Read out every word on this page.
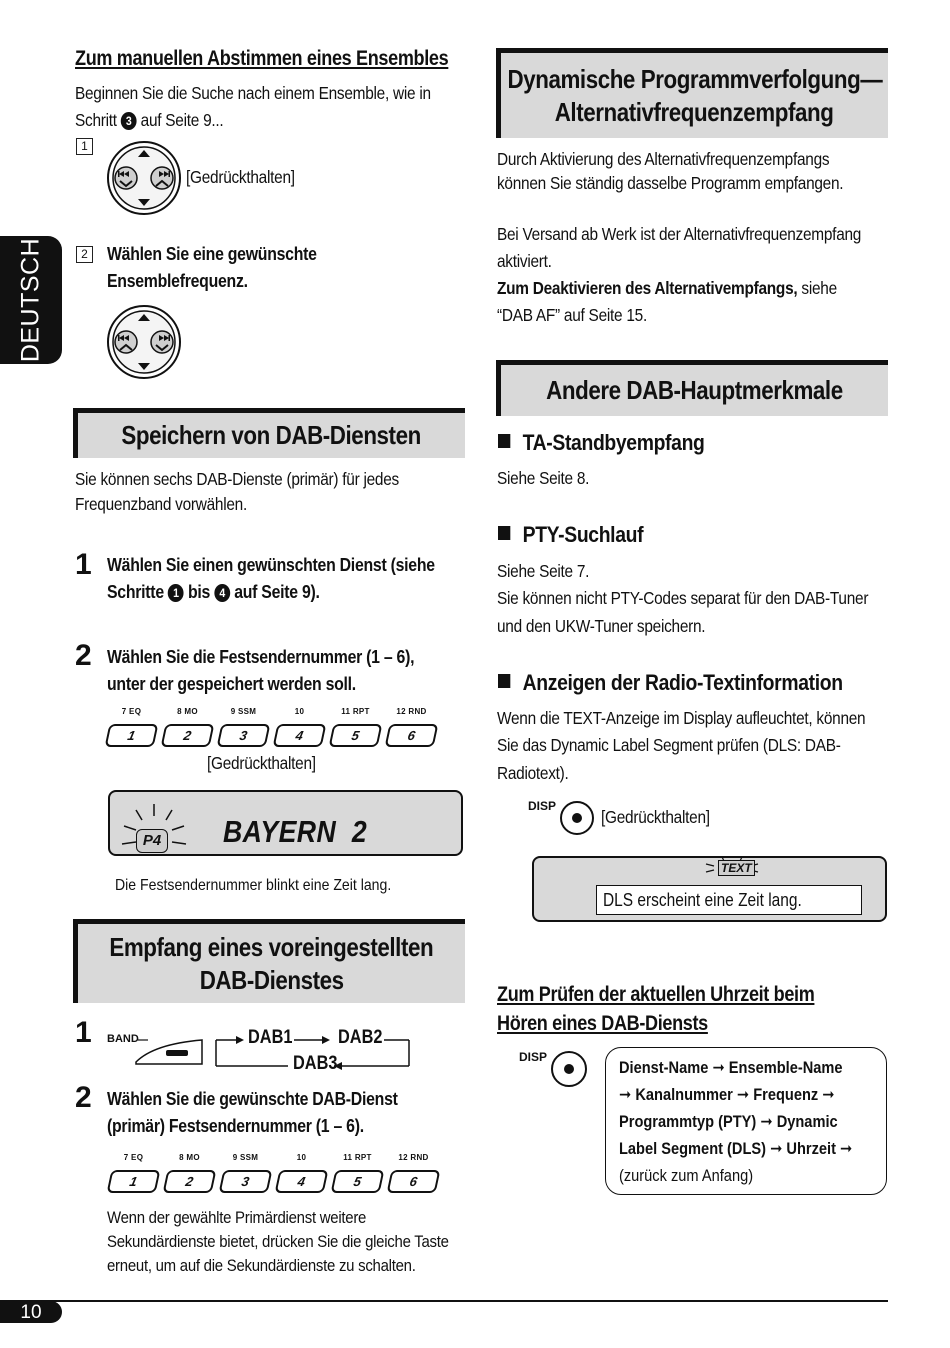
DEUTSCH
Zum manuellen Abstimmen eines Ensembles
Beginnen Sie die Suche nach einem Ensemble, wie in
Schritt 3 auf Seite 9...
1
[Gedrückthalten]
2 Wählen Sie eine gewünschte
Ensemblefrequenz.
Speichern von DAB-Diensten
Sie können sechs DAB-Dienste (primär) für jedes
Frequenzband vorwählen.
1 Wählen Sie einen gewünschten Dienst (siehe
Schritte 1 bis 4 auf Seite 9).
2 Wählen Sie die Festsendernummer (1 – 6),
unter der gespeichert werden soll.
7 EQ
1
8 MO
2
9 SSM
3
10
4
11 RPT
5
12 RND
6
[Gedrückthalten]
P4 BAYERN  2
Die Festsendernummer blinkt eine Zeit lang.
Empfang eines voreingestellten
DAB-Dienstes
1 BAND	DAB1 DAB2
DAB3
2 Wählen Sie die gewünschte DAB-Dienst
(primär) Festsendernummer (1 – 6).
7 EQ
1
8 MO
2
9 SSM
3
10
4
11 RPT
5
12 RND
6
Wenn der gewählte Primärdienst weitere
Sekundärdienste bietet, drücken Sie die gleiche Taste
erneut, um auf die Sekundärdienste zu schalten.
Dynamische Programmverfolgung—
Alternativfrequenzempfang
Durch Aktivierung des Alternativfrequenzempfangs
können Sie ständig dasselbe Programm empfangen.
Bei Versand ab Werk ist der Alternativfrequenzempfang
aktiviert.
Zum Deaktivieren des Alternativempfangs, siehe
“DAB AF” auf Seite 15.
Andere DAB-Hauptmerkmale
TA-Standbyempfang
Siehe Seite 8.
PTY-Suchlauf
Siehe Seite 7.
Sie können nicht PTY-Codes separat für den DAB-Tuner
und den UKW-Tuner speichern.
Anzeigen der Radio-Textinformation
Wenn die TEXT-Anzeige im Display aufleuchtet, können
Sie das Dynamic Label Segment prüfen (DLS: DAB-
Radiotext).
DISP
[Gedrückthalten]
TEXT
DLS erscheint eine Zeit lang.
Zum Prüfen der aktuellen Uhrzeit beim
Hören eines DAB-Diensts
DISP
Dienst-Name ➞ Ensemble-Name
➞ Kanalnummer ➞ Frequenz ➞
Programmtyp (PTY) ➞ Dynamic
Label Segment (DLS) ➞ Uhrzeit ➞
(zurück zum Anfang)
10
